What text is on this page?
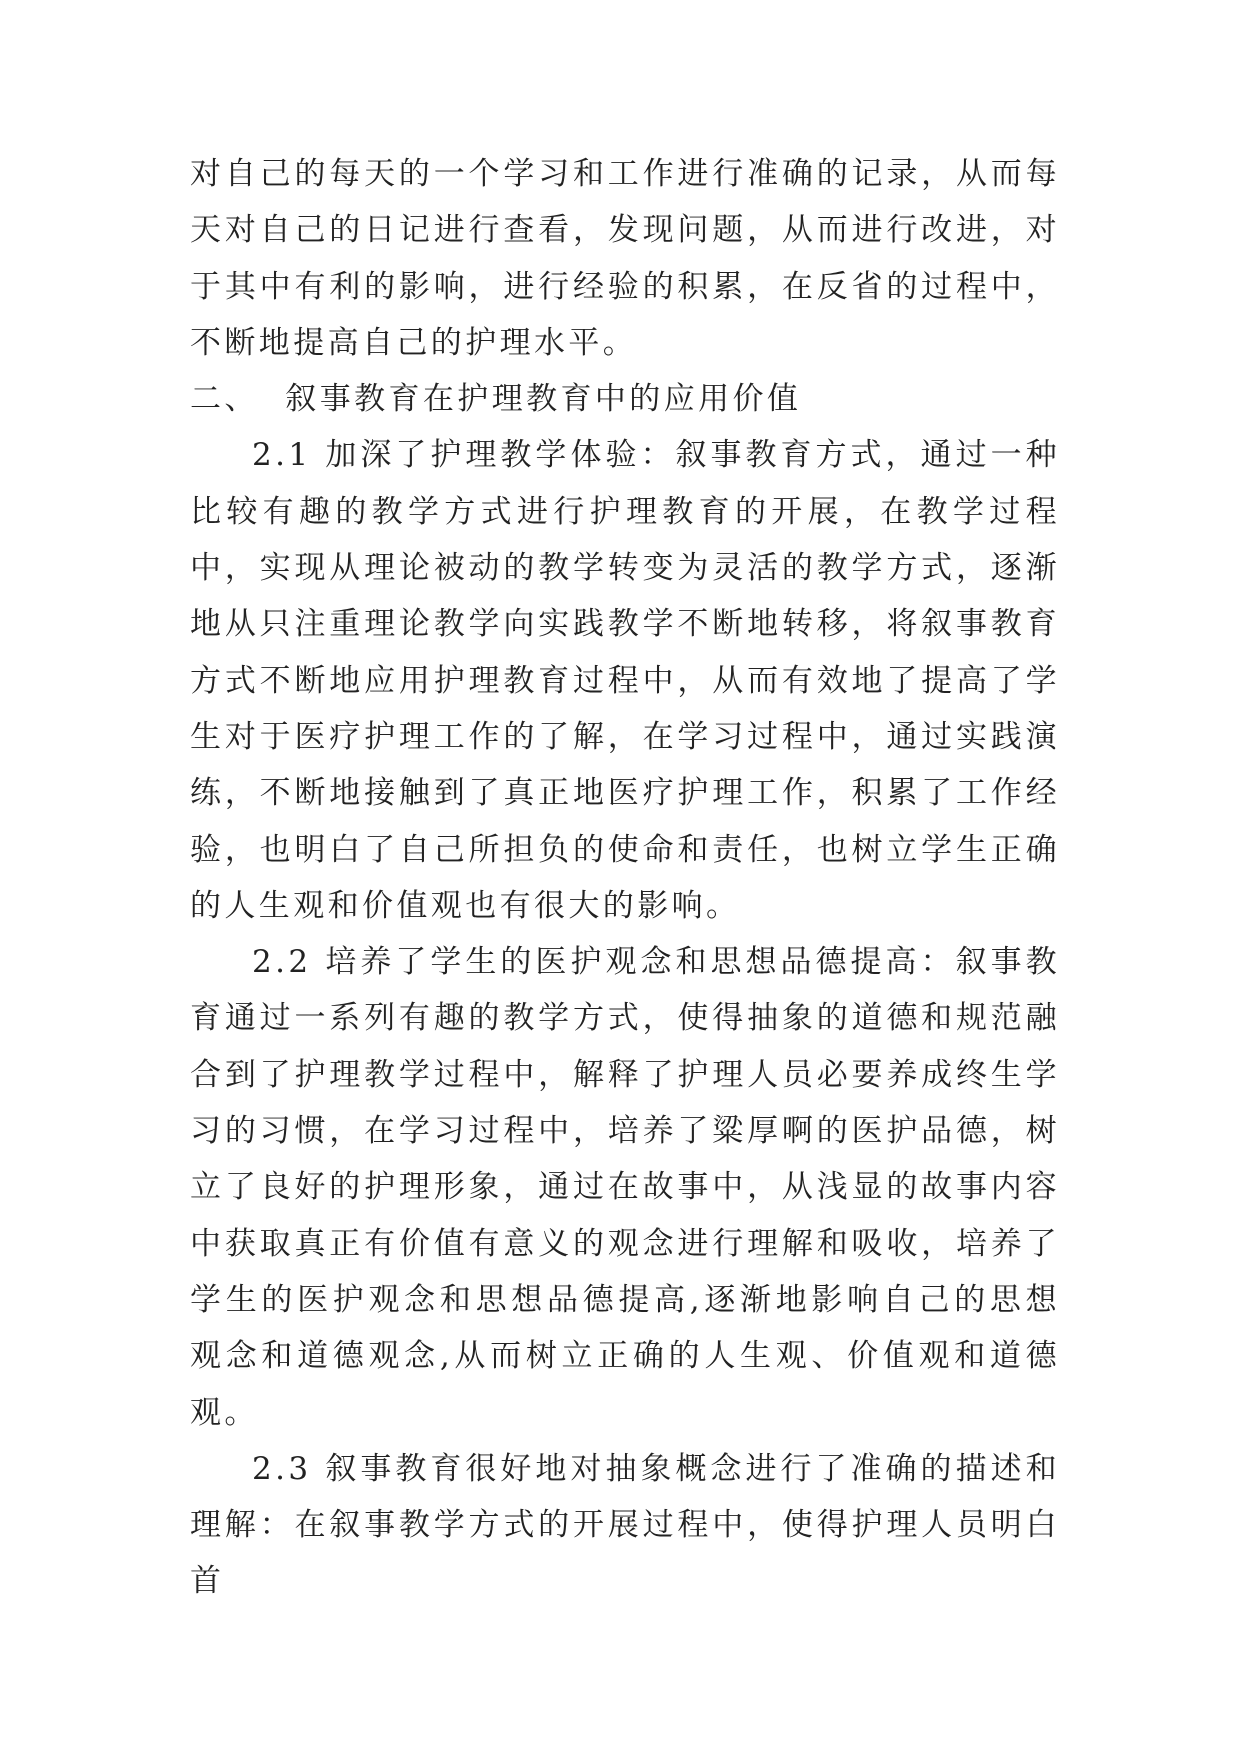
对自己的每天的一个学习和工作进行准确的记录，从而每天对自己的日记进行查看，发现问题，从而进行改进，对于其中有利的影响，进行经验的积累，在反省的过程中，不断地提高自己的护理水平。

二、  叙事教育在护理教育中的应用价值

2.1 加深了护理教学体验：叙事教育方式，通过一种比较有趣的教学方式进行护理教育的开展，在教学过程中，实现从理论被动的教学转变为灵活的教学方式，逐渐地从只注重理论教学向实践教学不断地转移，将叙事教育方式不断地应用护理教育过程中，从而有效地了提高了学生对于医疗护理工作的了解，在学习过程中，通过实践演练，不断地接触到了真正地医疗护理工作，积累了工作经验，也明白了自己所担负的使命和责任，也树立学生正确的人生观和价值观也有很大的影响。

2.2 培养了学生的医护观念和思想品德提高：叙事教育通过一系列有趣的教学方式，使得抽象的道德和规范融合到了护理教学过程中，解释了护理人员必要养成终生学习的习惯，在学习过程中，培养了粱厚啊的医护品德，树立了良好的护理形象，通过在故事中，从浅显的故事内容中获取真正有价值有意义的观念进行理解和吸收，培养了学生的医护观念和思想品德提高,逐渐地影响自己的思想观念和道德观念,从而树立正确的人生观、价值观和道德观。

2.3 叙事教育很好地对抽象概念进行了准确的描述和理解：在叙事教学方式的开展过程中，使得护理人员明白首
